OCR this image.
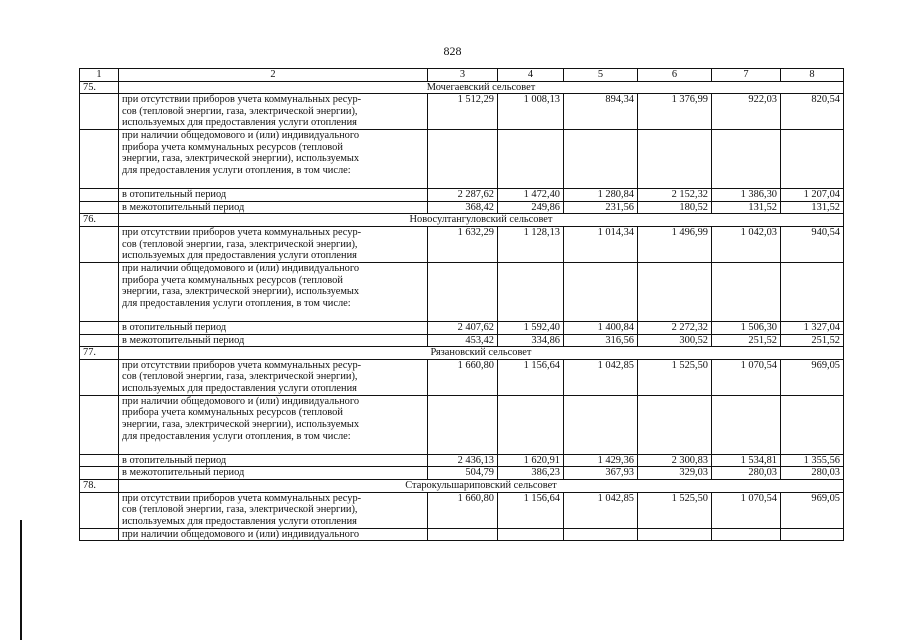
828
1	2	3	4	5	6	7	8
75.	Мочегаевский сельсовет						

	при отсутствии приборов учета коммунальных ресур-
сов (тепловой энергии, газа, электрической энергии),
используемых для предоставления услуги отопления	1 512,29	1 008,13	894,34	1 376,99	922,03	820,54

	при наличии общедомового и (или) индивидуального
прибора учета коммунальных ресурсов (тепловой
энергии, газа, электрической энергии), используемых
для предоставления услуги отопления, в том числе:						

	в отопительный период	2 287,62	1 472,40	1 280,84	2 152,32	1 386,30	1 207,04

	в межотопительный период	368,42	249,86	231,56	180,52	131,52	131,52
76.	Новосултангуловский сельсовет						

	при отсутствии приборов учета коммунальных ресур-
сов (тепловой энергии, газа, электрической энергии),
используемых для предоставления услуги отопления	1 632,29	1 128,13	1 014,34	1 496,99	1 042,03	940,54

	при наличии общедомового и (или) индивидуального
прибора учета коммунальных ресурсов (тепловой
энергии, газа, электрической энергии), используемых
для предоставления услуги отопления, в том числе:						

	в отопительный период	2 407,62	1 592,40	1 400,84	2 272,32	1 506,30	1 327,04

	в межотопительный период	453,42	334,86	316,56	300,52	251,52	251,52
77.	Рязановский сельсовет						

	при отсутствии приборов учета коммунальных ресур-
сов (тепловой энергии, газа, электрической энергии),
используемых для предоставления услуги отопления	1 660,80	1 156,64	1 042,85	1 525,50	1 070,54	969,05

	при наличии общедомового и (или) индивидуального
прибора учета коммунальных ресурсов (тепловой
энергии, газа, электрической энергии), используемых
для предоставления услуги отопления, в том числе:						

	в отопительный период	2 436,13	1 620,91	1 429,36	2 300,83	1 534,81	1 355,56

	в межотопительный период	504,79	386,23	367,93	329,03	280,03	280,03
78.	Старокульшариповский сельсовет						

	при отсутствии приборов учета коммунальных ресур-
сов (тепловой энергии, газа, электрической энергии),
используемых для предоставления услуги отопления	1 660,80	1 156,64	1 042,85	1 525,50	1 070,54	969,05

	при наличии общедомового и (или) индивидуального						
